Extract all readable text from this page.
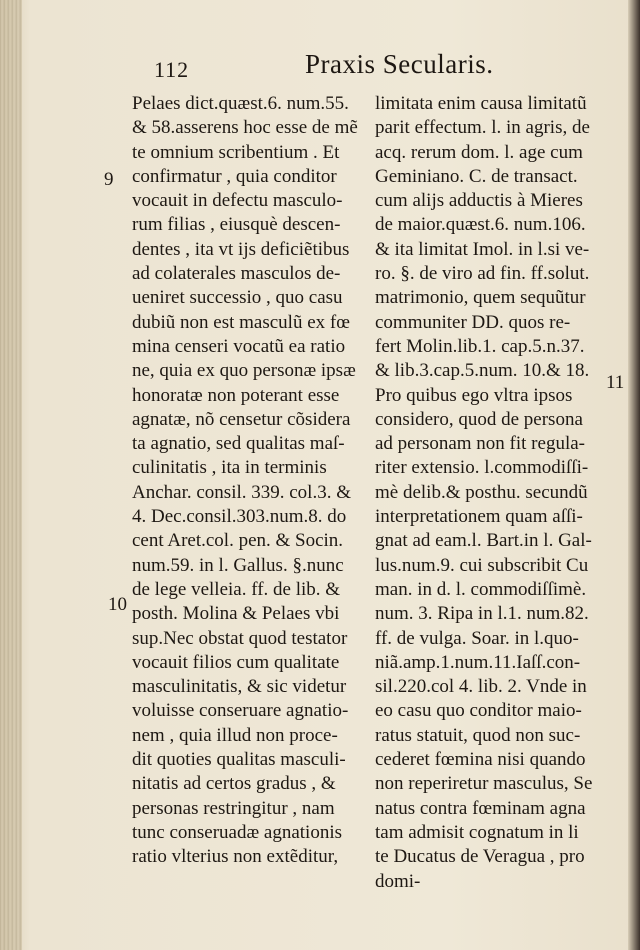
112	Praxis Secularis.
9
10
11
Pelaes dict.quæst.6. num.55.
& 58.asserens hoc esse de mẽ
te omnium scribentium . Et
confirmatur , quia conditor
vocauit in defectu masculo-
rum filias , eiusquè descen-
dentes , ita vt ijs deficiẽtibus
ad colaterales masculos de-
ueniret successio , quo casu
dubiũ non est masculũ ex fœ
mina censeri vocatũ ea ratio
ne, quia ex quo personæ ipsæ
honoratæ non poterant esse
agnatæ, nõ censetur cõsidera
ta agnatio, sed qualitas maſ-
culinitatis , ita in terminis
Anchar. consil. 339. col.3. &
4. Dec.consil.303.num.8. do
cent Aret.col. pen. & Socin.
num.59. in l. Gallus. §.nunc
de lege velleia. ff. de lib. &
posth. Molina & Pelaes vbi
sup.Nec obstat quod testator
vocauit filios cum qualitate
masculinitatis, & sic videtur
voluisse conseruare agnatio-
nem , quia illud non proce-
dit quoties qualitas masculi-
nitatis ad certos gradus , &
personas restringitur , nam
tunc conseruadæ agnationis
ratio vlterius non extẽditur,
limitata enim causa limitatũ
parit effectum. l. in agris, de
acq. rerum dom. l. age cum
Geminiano. C. de transact.
cum alijs adductis à Mieres
de maior.quæst.6. num.106.
& ita limitat Imol. in l.si ve-
ro. §. de viro ad fin. ff.solut.
matrimonio, quem sequũtur
communiter DD. quos re-
fert Molin.lib.1. cap.5.n.37.
& lib.3.cap.5.num. 10.& 18.
Pro quibus ego vltra ipsos
considero, quod de persona
ad personam non fit regula-
riter extensio. l.commodiſſi-
mè delib.& posthu. secundũ
interpretationem quam aſſi-
gnat ad eam.l. Bart.in l. Gal-
lus.num.9. cui subscribit Cu
man. in d. l. commodiſſimè.
num. 3. Ripa in l.1. num.82.
ff. de vulga. Soar. in l.quo-
niã.amp.1.num.11.Iaſſ.con-
sil.220.col 4. lib. 2. Vnde in
eo casu quo conditor maio-
ratus statuit, quod non suc-
cederet fœmina nisi quando
non reperiretur masculus, Se
natus contra fœminam agna
tam admisit cognatum in li
te Ducatus de Veragua , pro
domi-
